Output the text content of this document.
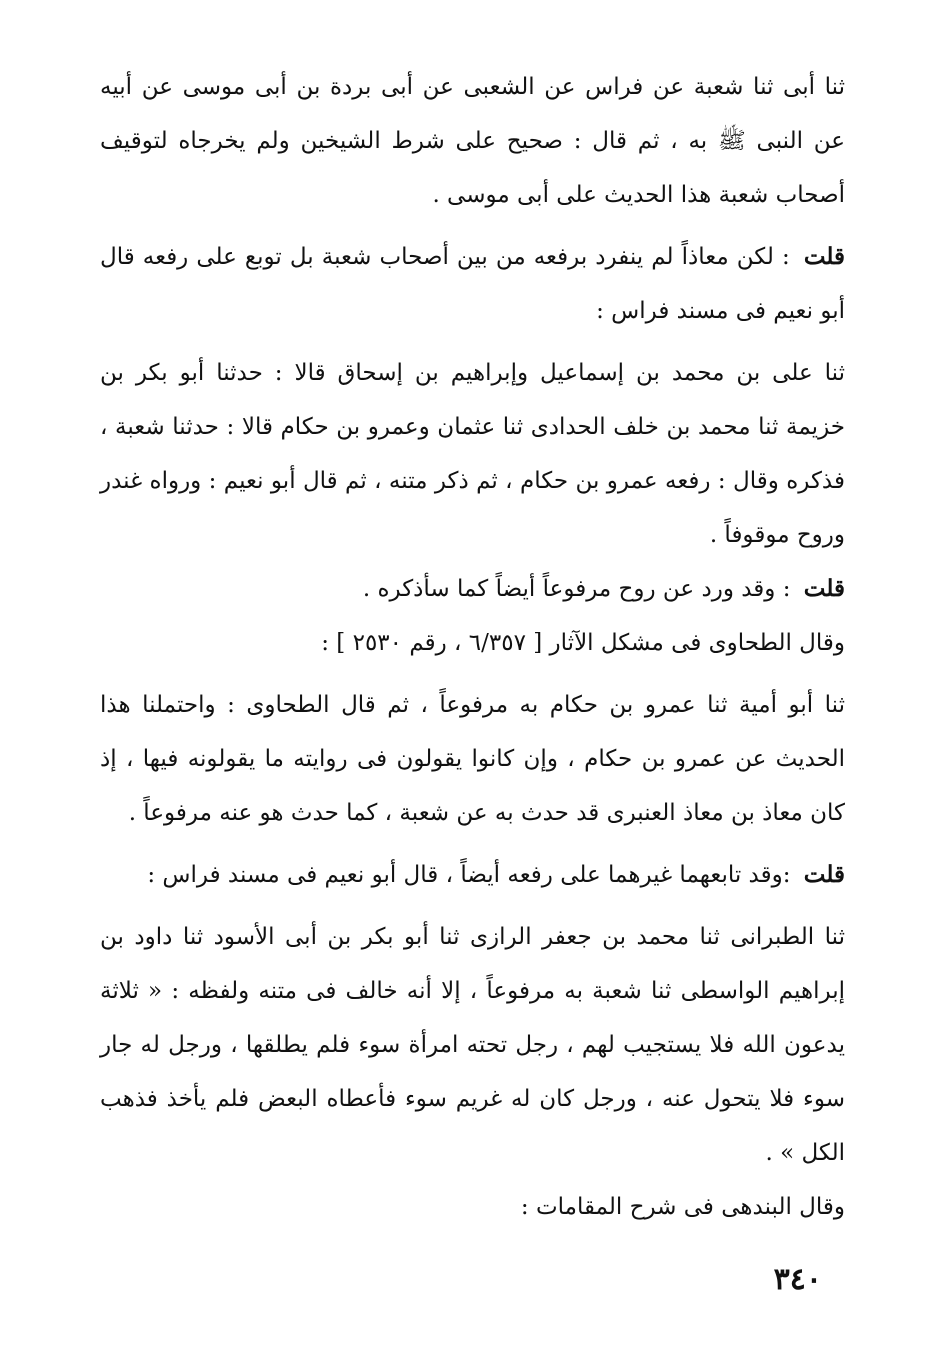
ثنا أبى ثنا شعبة عن فراس عن الشعبى عن أبى بردة بن أبى موسى عن أبيه عن النبى ﷺ به ، ثم قال : صحيح على شرط الشيخين ولم يخرجاه لتوقيف أصحاب شعبة هذا الحديث على أبى موسى .

قلت : لكن معاذاً لم ينفرد برفعه من بين أصحاب شعبة بل توبع على رفعه قال أبو نعيم فى مسند فراس :

ثنا على بن محمد بن إسماعيل وإبراهيم بن إسحاق قالا : حدثنا أبو بكر بن خزيمة ثنا محمد بن خلف الحدادى ثنا عثمان وعمرو بن حكام قالا : حدثنا شعبة ، فذكره وقال : رفعه عمرو بن حكام ، ثم ذكر متنه ، ثم قال أبو نعيم : ورواه غندر وروح موقوفاً .

قلت : وقد ورد عن روح مرفوعاً أيضاً كما سأذكره .

وقال الطحاوى فى مشكل الآثار [ ٦/٣٥٧ ، رقم ٢٥٣٠ ] :

ثنا أبو أمية ثنا عمرو بن حكام به مرفوعاً ، ثم قال الطحاوى : واحتملنا هذا الحديث عن عمرو بن حكام ، وإن كانوا يقولون فى روايته ما يقولونه فيها ، إذ كان معاذ بن معاذ العنبرى قد حدث به عن شعبة ، كما حدث هو عنه مرفوعاً .

قلت :وقد تابعهما غيرهما على رفعه أيضاً ، قال أبو نعيم فى مسند فراس :

ثنا الطبرانى ثنا محمد بن جعفر الرازى ثنا أبو بكر بن أبى الأسود ثنا داود بن إبراهيم الواسطى ثنا شعبة به مرفوعاً ، إلا أنه خالف فى متنه ولفظه : « ثلاثة يدعون الله فلا يستجيب لهم ، رجل تحته امرأة سوء فلم يطلقها ، ورجل له جار سوء فلا يتحول عنه ، ورجل كان له غريم سوء فأعطاه البعض فلم يأخذ فذهب الكل » .

وقال البندهى فى شرح المقامات :

٣٤٠
